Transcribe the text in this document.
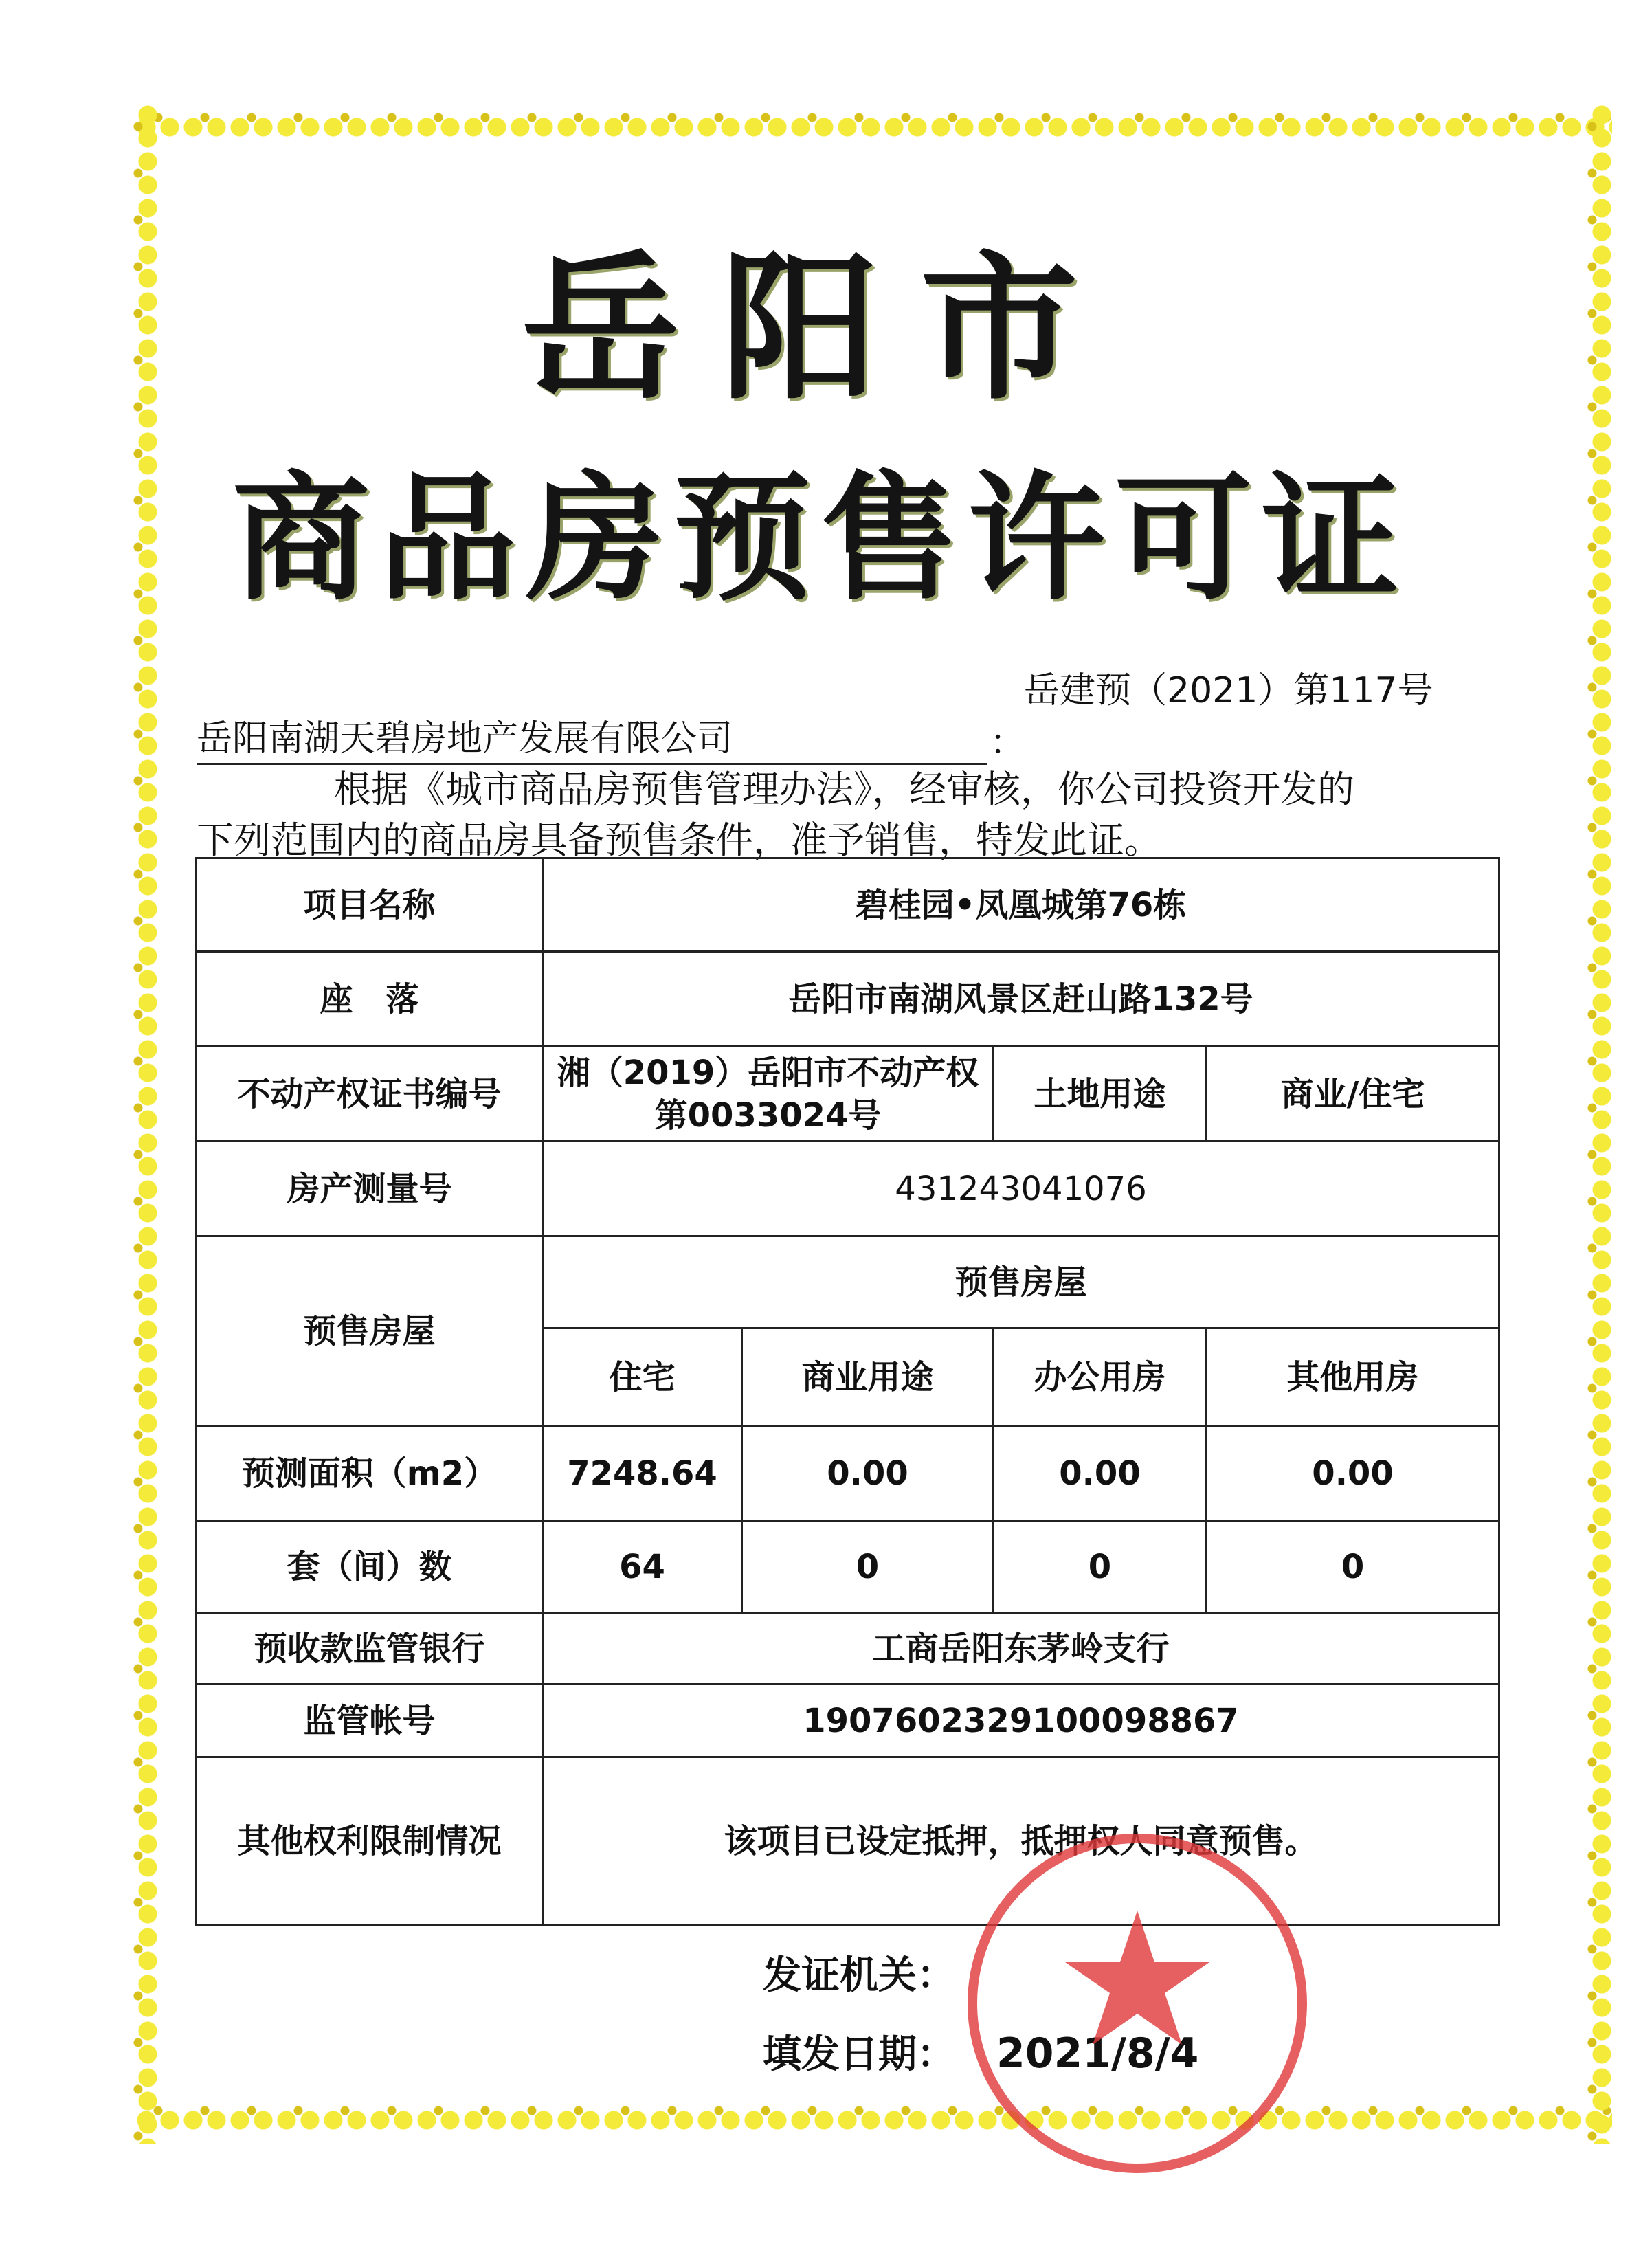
岳阳市
商品房预售许可证
岳建预（2021）第117号
岳阳南湖天碧房地产发展有限公司	：

根据《城市商品房预售管理办法》，经审核，你公司投资开发的

下列范围内的商品房具备预售条件，准予销售，特发此证。

项目名称	碧桂园•凤凰城第76栋			
座　落	岳阳市南湖风景区赶山路132号			
不动产权证书编号	湘（2019）岳阳市不动产权第0033024号		土地用途	商业/住宅
房产测量号	431243041076			
预售房屋	预售房屋			
	住宅	商业用途	办公用房	其他用房
预测面积（m2）	7248.64	0.00	0.00	0.00
套（间）数	64	0	0	0
预收款监管银行	工商岳阳东茅岭支行			
监管帐号	19076023291000​98867			
其他权利限制情况	该项目已设定抵押，抵押权人同意预售。			
发证机关：
填发日期： 2021/8/4
